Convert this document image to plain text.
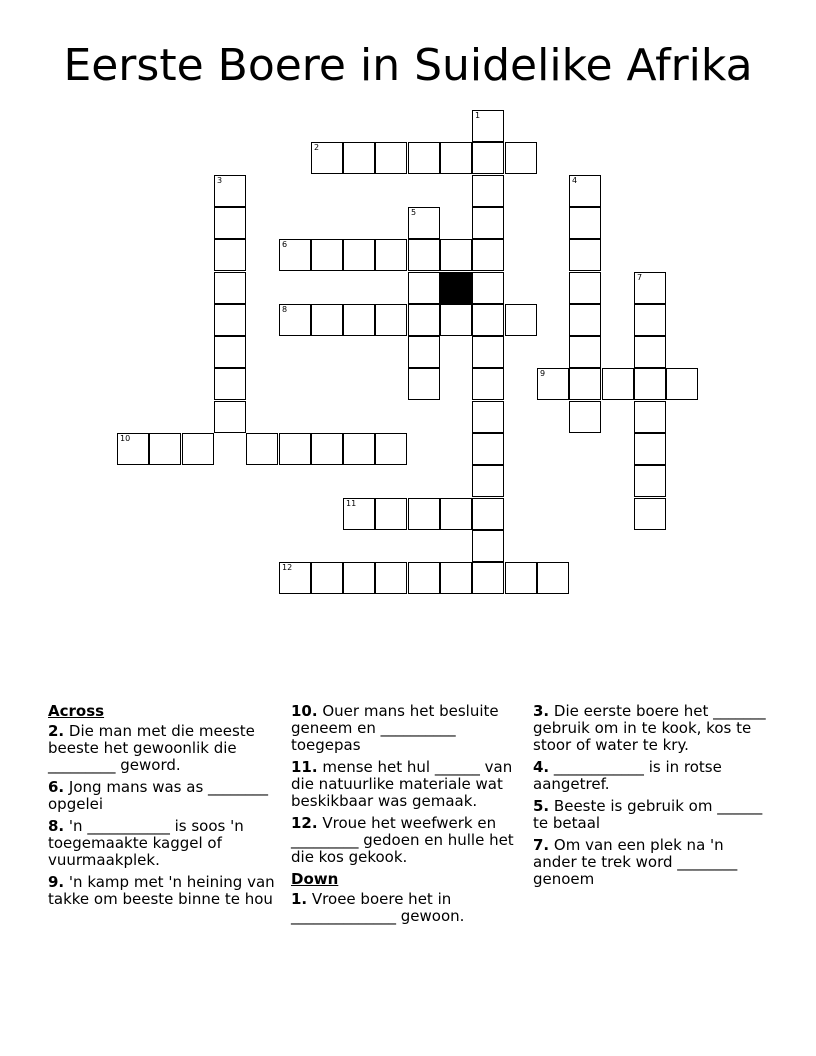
Eerste Boere in Suidelike Afrika
1
2
3	4
5
6
7
8
9
10
11
12
Across
2. Die man met die meeste beeste het gewoonlik die _________ geword.
6. Jong mans was as ________ opgelei
8. 'n ___________ is soos 'n toegemaakte kaggel of vuurmaakplek.
9. 'n kamp met 'n heining van takke om beeste binne te hou
10. Ouer mans het besluite geneem en __________ toegepas
11. mense het hul ______ van die natuurlike materiale wat beskikbaar was gemaak.
12. Vroue het weefwerk en _________ gedoen en hulle het die kos gekook.
Down
1. Vroee boere het in ______________ gewoon.
3. Die eerste boere het _______ gebruik om in te kook, kos te stoor of water te kry.
4. ____________ is in rotse aangetref.
5. Beeste is gebruik om ______ te betaal
7. Om van een plek na 'n ander te trek word ________ genoem
